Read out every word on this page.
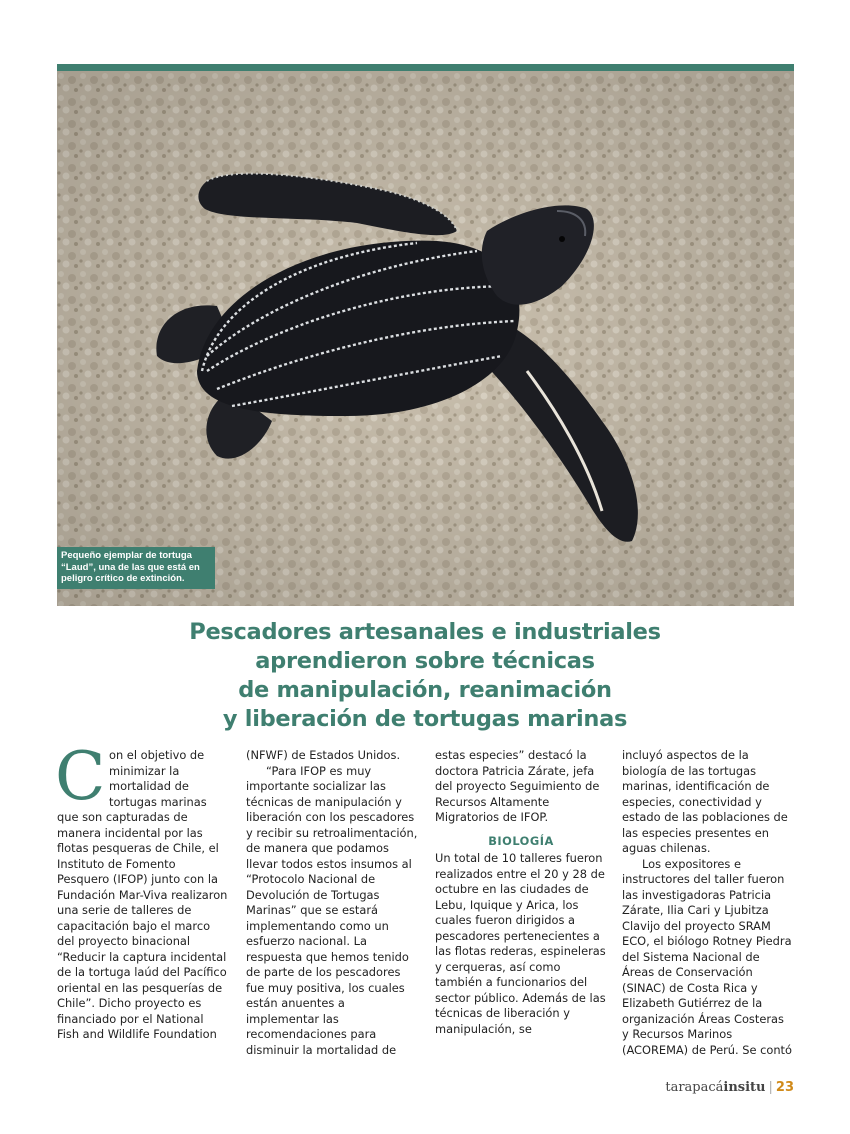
Pequeño ejemplar de tortuga “Laud”, una de las que está en peligro crítico de extinción.
Pescadores artesanales e industriales
aprendieron sobre técnicas
de manipulación, reanimación
y liberación de tortugas marinas
C on el objetivo de minimizar la mortalidad de tortugas marinas que son capturadas de manera incidental por las flotas pesqueras de Chile, el Instituto de Fomento Pesquero (IFOP) junto con la Fundación Mar-Viva realizaron una serie de talleres de capacitación bajo el marco del proyecto binacional “Reducir la captura incidental de la tortuga laúd del Pacífico oriental en las pesquerías de Chile”. Dicho proyecto es financiado por el National Fish and Wildlife Foundation

(NFWF) de Estados Unidos.

“Para IFOP es muy importante socializar las técnicas de manipulación y liberación con los pescadores y recibir su retroalimentación, de manera que podamos llevar todos estos insumos al “Protocolo Nacional de Devolución de Tortugas Marinas” que se estará implementando como un esfuerzo nacional. La respuesta que hemos tenido de parte de los pescadores fue muy positiva, los cuales están anuentes a implementar las recomendaciones para disminuir la mortalidad de

estas especies” destacó la doctora Patricia Zárate, jefa del proyecto Seguimiento de Recursos Altamente Migratorios de IFOP.

BIOLOGÍA

Un total de 10 talleres fueron realizados entre el 20 y 28 de octubre en las ciudades de Lebu, Iquique y Arica, los cuales fueron dirigidos a pescadores pertenecientes a las flotas rederas, espineleras y cerqueras, así como también a funcionarios del sector público. Además de las técnicas de liberación y manipulación, se

incluyó aspectos de la biología de las tortugas marinas, identificación de especies, conectividad y estado de las poblaciones de las especies presentes en aguas chilenas.

Los expositores e instructores del taller fueron las investigadoras Patricia Zárate, Ilia Cari y Ljubitza Clavijo del proyecto SRAM ECO, el biólogo Rotney Piedra del Sistema Nacional de Áreas de Conservación (SINAC) de Costa Rica y Elizabeth Gutiérrez de la organización Áreas Costeras y Recursos Marinos (ACOREMA) de Perú. Se contó

tarapacáinsitu | 23
